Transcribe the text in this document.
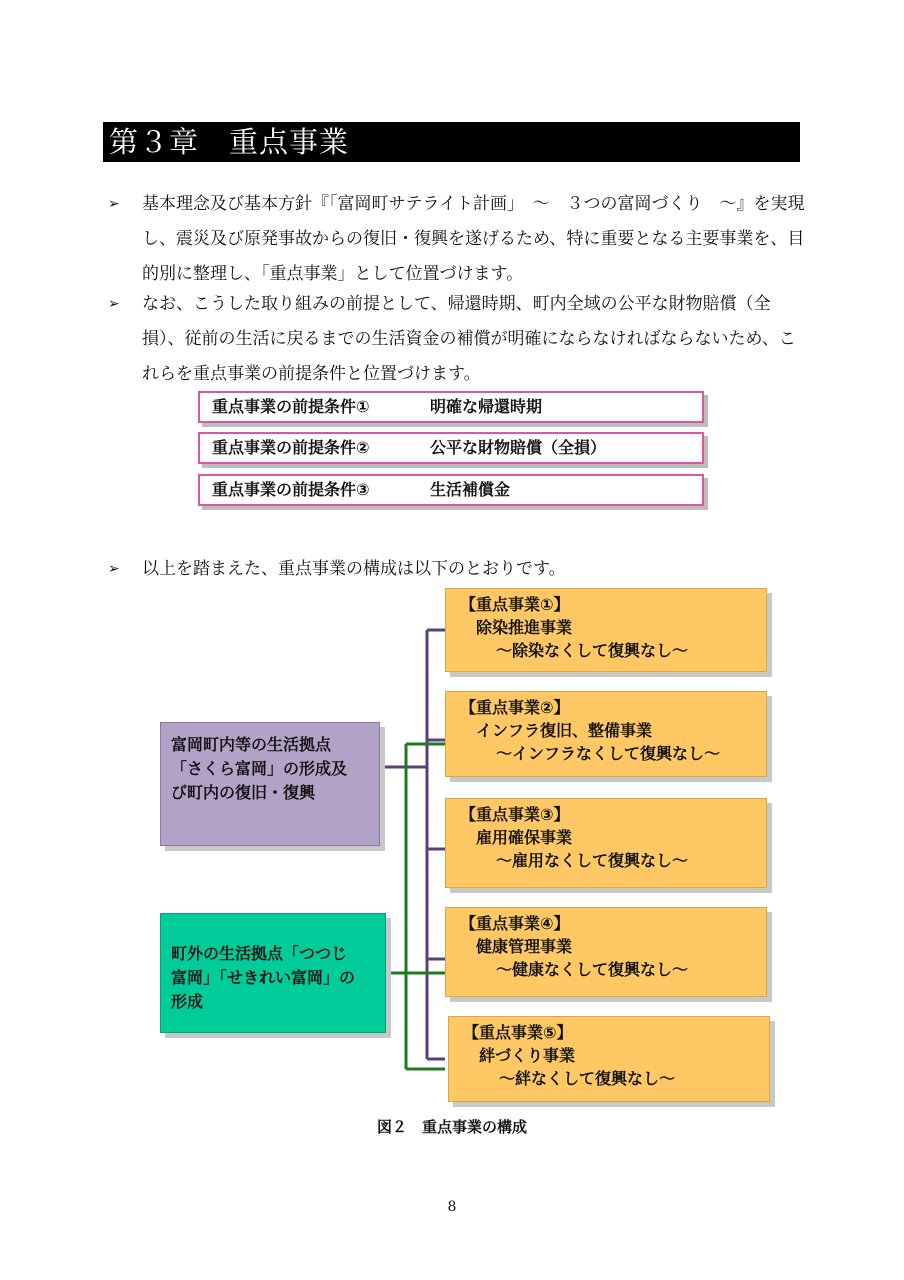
第３章　重点事業
➢ 基本理念及び基本方針『「富岡町サテライト計画」　～　３つの富岡づくり　～』を実現し、震災及び原発事故からの復旧・復興を遂げるため、特に重要となる主要事業を、目的別に整理し、「重点事業」として位置づけます。
➢ なお、こうした取り組みの前提として、帰還時期、町内全域の公平な財物賠償（全損）、従前の生活に戻るまでの生活資金の補償が明確にならなければならないため、これらを重点事業の前提条件と位置づけます。
重点事業の前提条件①	明確な帰還時期
重点事業の前提条件②	公平な財物賠償（全損）
重点事業の前提条件③	生活補償金
➢ 以上を踏まえた、重点事業の構成は以下のとおりです。
富岡町内等の生活拠点
「さくら富岡」の形成及
び町内の復旧・復興
町外の生活拠点「つつじ
富岡」「せきれい富岡」の
形成
【重点事業①】
除染推進事業
～除染なくして復興なし～
【重点事業②】
インフラ復旧、整備事業
～インフラなくして復興なし～
【重点事業③】
雇用確保事業
～雇用なくして復興なし～
【重点事業④】
健康管理事業
～健康なくして復興なし～
【重点事業⑤】
絆づくり事業
～絆なくして復興なし～
図２　重点事業の構成
8
